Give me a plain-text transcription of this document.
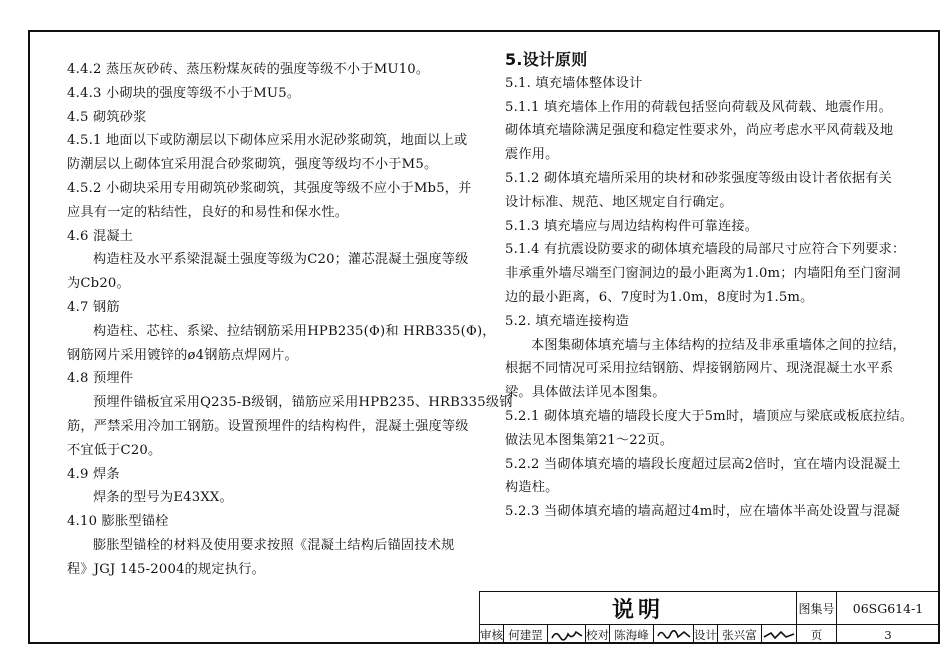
4.4.2 蒸压灰砂砖、蒸压粉煤灰砖的强度等级不小于MU10。

4.4.3 小砌块的强度等级不小于MU5。

4.5 砌筑砂浆

4.5.1 地面以下或防潮层以下砌体应采用水泥砂浆砌筑，地面以上或

防潮层以上砌体宜采用混合砂浆砌筑，强度等级均不小于M5。

4.5.2 小砌块采用专用砌筑砂浆砌筑，其强度等级不应小于Mb5，并

应具有一定的粘结性，良好的和易性和保水性。

4.6 混凝土

构造柱及水平系梁混凝土强度等级为C20；灌芯混凝土强度等级

为Cb20。

4.7 钢筋

构造柱、芯柱、系梁、拉结钢筋采用HPB235(Φ)和 HRB335(Φ)，

钢筋网片采用镀锌的ø4钢筋点焊网片。

4.8 预埋件

预埋件锚板宜采用Q235-B级钢，锚筋应采用HPB235、HRB335级钢

筋，严禁采用冷加工钢筋。设置预埋件的结构构件，混凝土强度等级

不宜低于C20。

4.9 焊条

焊条的型号为E43XX。

4.10 膨胀型锚栓

膨胀型锚栓的材料及使用要求按照《混凝土结构后锚固技术规

程》JGJ 145-2004的规定执行。

5.设计原则

5.1. 填充墙体整体设计

5.1.1 填充墙体上作用的荷载包括竖向荷载及风荷载、地震作用。

砌体填充墙除满足强度和稳定性要求外，尚应考虑水平风荷载及地

震作用。

5.1.2 砌体填充墙所采用的块材和砂浆强度等级由设计者依据有关

设计标准、规范、地区规定自行确定。

5.1.3 填充墙应与周边结构构件可靠连接。

5.1.4 有抗震设防要求的砌体填充墙段的局部尺寸应符合下列要求：

非承重外墙尽端至门窗洞边的最小距离为1.0m；内墙阳角至门窗洞

边的最小距离，6、7度时为1.0m，8度时为1.5m。

5.2. 填充墙连接构造

本图集砌体填充墙与主体结构的拉结及非承重墙体之间的拉结，

根据不同情况可采用拉结钢筋、焊接钢筋网片、现浇混凝土水平系

梁。具体做法详见本图集。

5.2.1 砌体填充墙的墙段长度大于5m时，墙顶应与梁底或板底拉结。

做法见本图集第21～22页。

5.2.2 当砌体填充墙的墙段长度超过层高2倍时，宜在墙内设混凝土

构造柱。

5.2.3 当砌体填充墙的墙高超过4m时，应在墙体半高处设置与混凝

说明	图集号	06SG614-1
审核 何建罡	校对 陈海峰	设计 张兴富	页	3
